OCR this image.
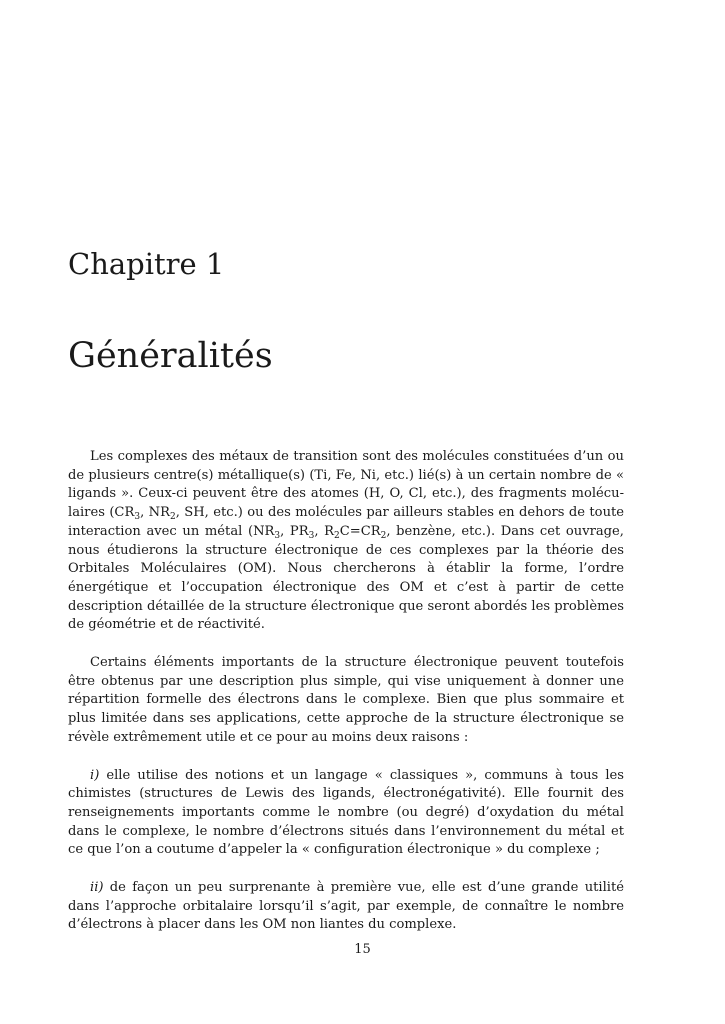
Chapitre 1
Généralités

Les complexes des métaux de transition sont des molécules constituées d’un ou de plusieurs centre(s) métallique(s) (Ti, Fe, Ni, etc.) lié(s) à un certain nombre de « ligands ». Ceux-ci peuvent être des atomes (H, O, Cl, etc.), des fragments moléculaires ($CR_3$, $NR_2$, SH, etc.) ou des molécules par ailleurs stables en dehors de toute interaction avec un métal ($NR_3$, $PR_3$, $R_2C=CR_2$, benzène, etc.). Dans cet ouvrage, nous étudierons la structure électronique de ces complexes par la théorie des Orbitales Moléculaires (OM). Nous chercherons à établir la forme, l’ordre énergétique et l’occupation électronique des OM et c’est à partir de cette description détaillée de la structure électronique que seront abordés les problèmes de géométrie et de réactivité.

Certains éléments importants de la structure électronique peuvent toutefois être obtenus par une description plus simple, qui vise uniquement à donner une répartition formelle des électrons dans le complexe. Bien que plus sommaire et plus limitée dans ses applications, cette approche de la structure électronique se révèle extrêmement utile et ce pour au moins deux raisons :

i) elle utilise des notions et un langage « classiques », communs à tous les chimistes (structures de Lewis des ligands, électronégativité). Elle fournit des renseignements importants comme le nombre (ou degré) d’oxydation du métal dans le complexe, le nombre d’électrons situés dans l’environnement du métal et ce que l’on a coutume d’appeler la « configuration électronique » du complexe ;

ii) de façon un peu surprenante à première vue, elle est d’une grande utilité dans l’approche orbitalaire lorsqu’il s’agit, par exemple, de connaître le nombre d’électrons à placer dans les OM non liantes du complexe.

15
